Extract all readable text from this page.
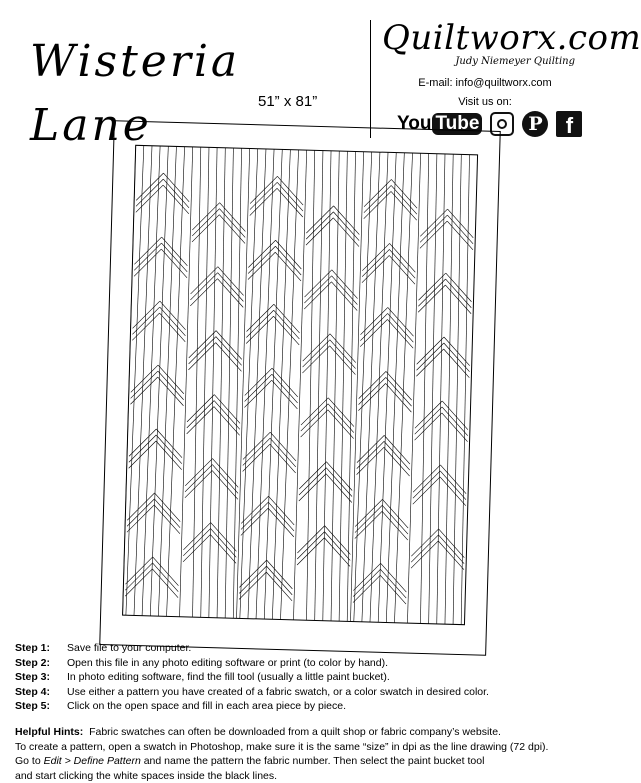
Wisteria Lane	51” x 81”
Quiltworx.com
Judy Niemeyer Quilting
E-mail: info@quiltworx.com
Visit us on:
You Tube	P	f
Step 1: Save file to your computer.
Step 2: Open this file in any photo editing software or print (to color by hand).
Step 3: In photo editing software, find the fill tool (usually a little paint bucket).
Step 4: Use either a pattern you have created of a fabric swatch, or a color swatch in desired color.
Step 5: Click on the open space and fill in each area piece by piece.
Helpful Hints: Fabric swatches can often be downloaded from a quilt shop or fabric company’s website.
To create a pattern, open a swatch in Photoshop, make sure it is the same “size” in dpi as the line drawing (72 dpi).
Go to Edit > Define Pattern and name the pattern the fabric number. Then select the paint bucket tool
and start clicking the white spaces inside the black lines.
